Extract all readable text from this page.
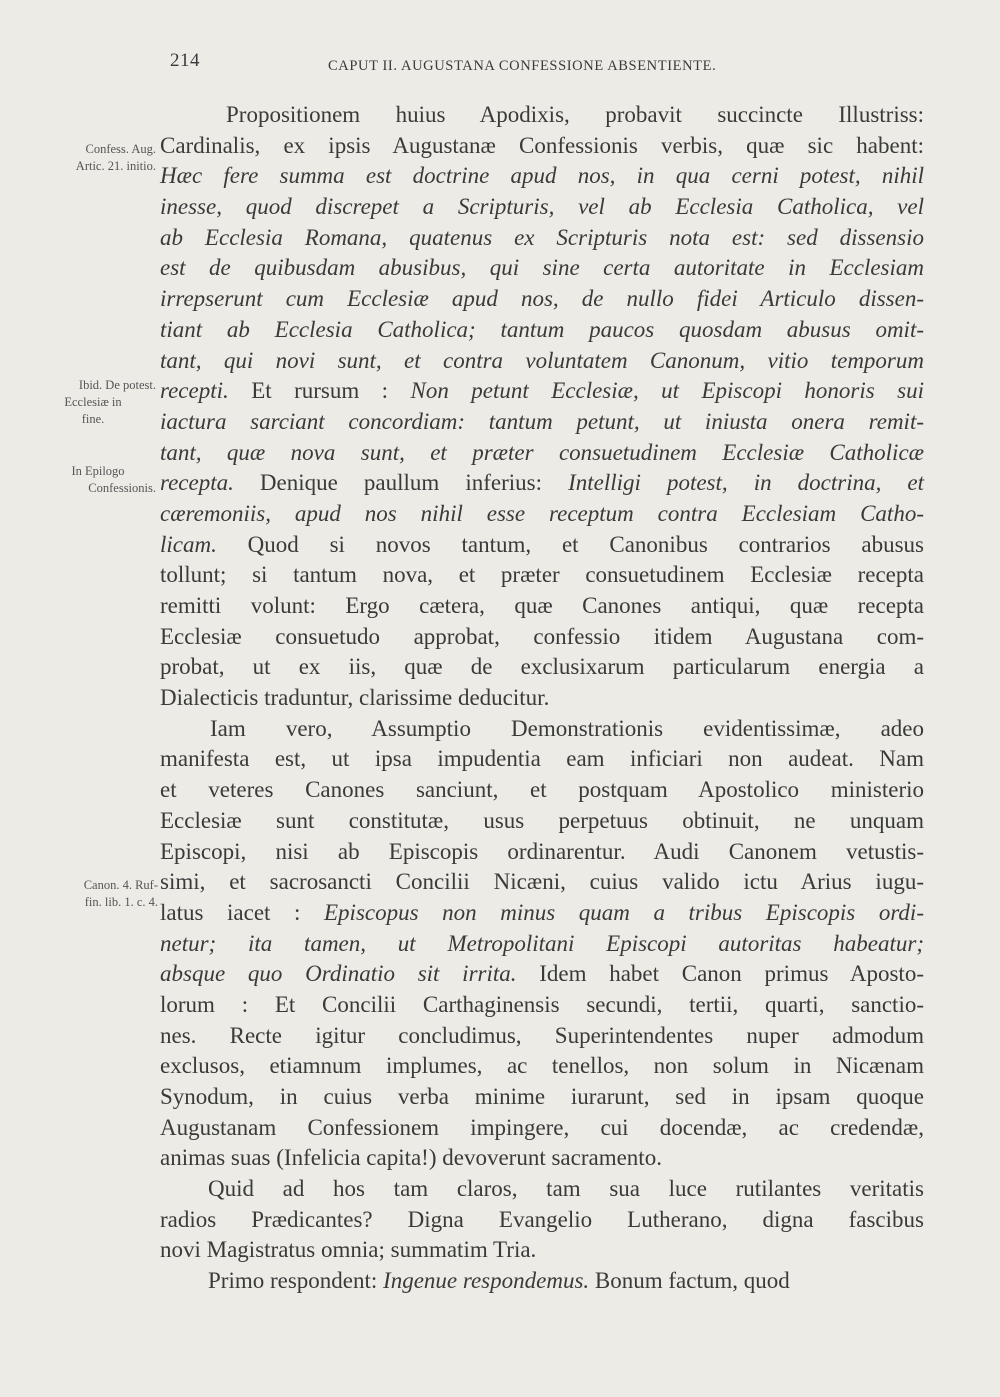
214	CAPUT II. AUGUSTANA CONFESSIONE ABSENTIENTE.
Confess. Aug.
Artic. 21. initio.
Ibid. De potest.
Ecclesiæ in
fine.
In Epilogo
Confessionis.
Canon. 4. Ruf-
fin. lib. 1. c. 4.
Propositionem huius Apodixis, probavit succincte Illustriss:
Cardinalis, ex ipsis Augustanæ Confessionis verbis, quæ sic habent:
Hæc fere summa est doctrine apud nos, in qua cerni potest, nihil
inesse, quod discrepet a Scripturis, vel ab Ecclesia Catholica, vel
ab Ecclesia Romana, quatenus ex Scripturis nota est: sed dissensio
est de quibusdam abusibus, qui sine certa autoritate in Ecclesiam
irrepserunt cum Ecclesiæ apud nos, de nullo fidei Articulo dissen-
tiant ab Ecclesia Catholica; tantum paucos quosdam abusus omit-
tant, qui novi sunt, et contra voluntatem Canonum, vitio temporum
recepti. Et rursum : Non petunt Ecclesiæ, ut Episcopi honoris sui
iactura sarciant concordiam: tantum petunt, ut iniusta onera remit-
tant, quæ nova sunt, et præter consuetudinem Ecclesiæ Catholicæ
recepta. Denique paullum inferius: Intelligi potest, in doctrina, et
cæremoniis, apud nos nihil esse receptum contra Ecclesiam Catho-
licam. Quod si novos tantum, et Canonibus contrarios abusus
tollunt; si tantum nova, et præter consuetudinem Ecclesiæ recepta
remitti volunt: Ergo cætera, quæ Canones antiqui, quæ recepta
Ecclesiæ consuetudo approbat, confessio itidem Augustana com-
probat, ut ex iis, quæ de exclusixarum particularum energia a
Dialecticis traduntur, clarissime deducitur.
Iam vero, Assumptio Demonstrationis evidentissimæ, adeo
manifesta est, ut ipsa impudentia eam inficiari non audeat. Nam
et veteres Canones sanciunt, et postquam Apostolico ministerio
Ecclesiæ sunt constitutæ, usus perpetuus obtinuit, ne unquam
Episcopi, nisi ab Episcopis ordinarentur. Audi Canonem vetustis-
simi, et sacrosancti Concilii Nicæni, cuius valido ictu Arius iugu-
latus iacet : Episcopus non minus quam a tribus Episcopis ordi-
netur; ita tamen, ut Metropolitani Episcopi autoritas habeatur;
absque quo Ordinatio sit irrita. Idem habet Canon primus Aposto-
lorum : Et Concilii Carthaginensis secundi, tertii, quarti, sanctio-
nes. Recte igitur concludimus, Superintendentes nuper admodum
exclusos, etiamnum implumes, ac tenellos, non solum in Nicænam
Synodum, in cuius verba minime iurarunt, sed in ipsam quoque
Augustanam Confessionem impingere, cui docendæ, ac credendæ,
animas suas (Infelicia capita!) devoverunt sacramento.
Quid ad hos tam claros, tam sua luce rutilantes veritatis
radios Prædicantes? Digna Evangelio Lutherano, digna fascibus
novi Magistratus omnia; summatim Tria.
Primo respondent: Ingenue respondemus. Bonum factum, quod
